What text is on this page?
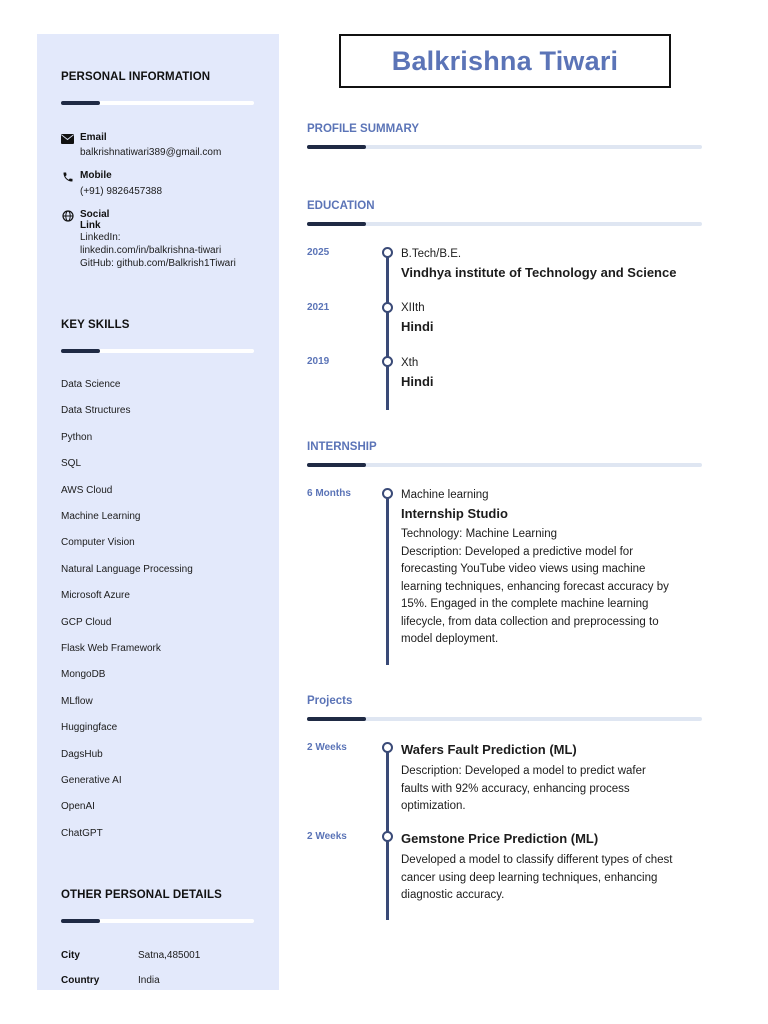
PERSONAL INFORMATION
Email
balkrishnatiwari389@gmail.com
Mobile
(+91) 9826457388
Social
Link
LinkedIn:
linkedin.com/in/balkrishna-tiwari
GitHub: github.com/Balkrish1Tiwari
KEY SKILLS
Data Science
Data Structures
Python
SQL
AWS Cloud
Machine Learning
Computer Vision
Natural Language Processing
Microsoft Azure
GCP Cloud
Flask Web Framework
MongoDB
MLflow
Huggingface
DagsHub
Generative AI
OpenAI
ChatGPT
OTHER PERSONAL DETAILS
City	Satna,485001
Country	India
Balkrishna Tiwari
PROFILE SUMMARY
EDUCATION
2025	B.Tech/B.E.
Vindhya institute of Technology and Science
2021	XIIth
Hindi
2019	Xth
Hindi
INTERNSHIP
6 Months	Machine learning
Internship Studio
Technology: Machine Learning
Description: Developed a predictive model for
forecasting YouTube video views using machine
learning techniques, enhancing forecast accuracy by
15%. Engaged in the complete machine learning
lifecycle, from data collection and preprocessing to
model deployment.
Projects
2 Weeks	Wafers Fault Prediction (ML)
Description: Developed a model to predict wafer
faults with 92% accuracy, enhancing process
optimization.
2 Weeks	Gemstone Price Prediction (ML)
Developed a model to classify different types of chest
cancer using deep learning techniques, enhancing
diagnostic accuracy.
